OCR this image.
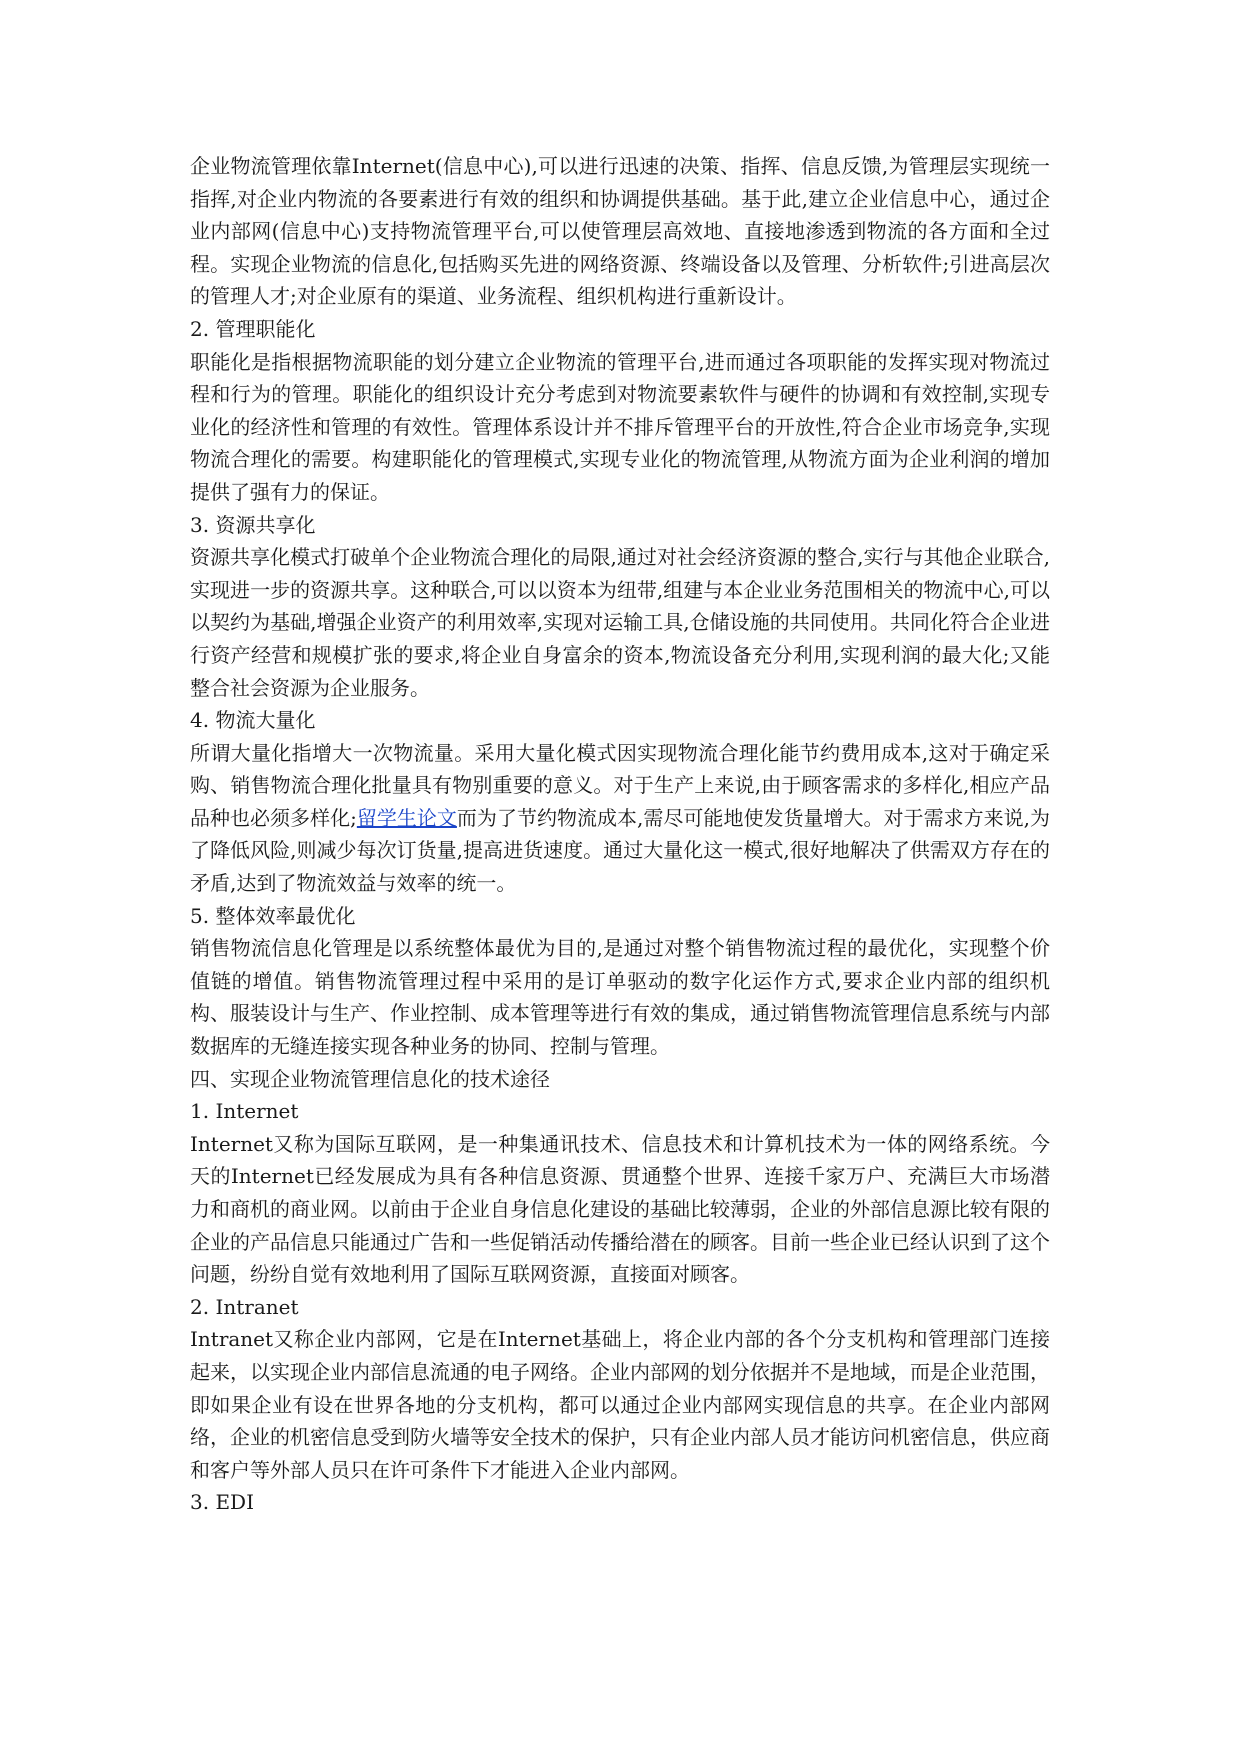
企业物流管理依靠Internet(信息中心),可以进行迅速的决策、指挥、信息反馈,为管理层实现统一指挥,对企业内物流的各要素进行有效的组织和协调提供基础。基于此,建立企业信息中心，通过企业内部网(信息中心)支持物流管理平台,可以使管理层高效地、直接地渗透到物流的各方面和全过程。实现企业物流的信息化,包括购买先进的网络资源、终端设备以及管理、分析软件;引进高层次的管理人才;对企业原有的渠道、业务流程、组织机构进行重新设计。

2. 管理职能化

职能化是指根据物流职能的划分建立企业物流的管理平台,进而通过各项职能的发挥实现对物流过程和行为的管理。职能化的组织设计充分考虑到对物流要素软件与硬件的协调和有效控制,实现专业化的经济性和管理的有效性。管理体系设计并不排斥管理平台的开放性,符合企业市场竞争,实现物流合理化的需要。构建职能化的管理模式,实现专业化的物流管理,从物流方面为企业利润的增加提供了强有力的保证。

3. 资源共享化

资源共享化模式打破单个企业物流合理化的局限,通过对社会经济资源的整合,实行与其他企业联合,实现进一步的资源共享。这种联合,可以以资本为纽带,组建与本企业业务范围相关的物流中心,可以以契约为基础,增强企业资产的利用效率,实现对运输工具,仓储设施的共同使用。共同化符合企业进行资产经营和规模扩张的要求,将企业自身富余的资本,物流设备充分利用,实现利润的最大化;又能整合社会资源为企业服务。

4. 物流大量化

所谓大量化指增大一次物流量。采用大量化模式因实现物流合理化能节约费用成本,这对于确定采购、销售物流合理化批量具有物别重要的意义。对于生产上来说,由于顾客需求的多样化,相应产品品种也必须多样化;留学生论文而为了节约物流成本,需尽可能地使发货量增大。对于需求方来说,为了降低风险,则减少每次订货量,提高进货速度。通过大量化这一模式,很好地解决了供需双方存在的矛盾,达到了物流效益与效率的统一。

5. 整体效率最优化

销售物流信息化管理是以系统整体最优为目的,是通过对整个销售物流过程的最优化，实现整个价值链的增值。销售物流管理过程中采用的是订单驱动的数字化运作方式,要求企业内部的组织机构、服装设计与生产、作业控制、成本管理等进行有效的集成，通过销售物流管理信息系统与内部数据库的无缝连接实现各种业务的协同、控制与管理。

四、实现企业物流管理信息化的技术途径

1. Internet

Internet又称为国际互联网，是一种集通讯技术、信息技术和计算机技术为一体的网络系统。今天的Internet已经发展成为具有各种信息资源、贯通整个世界、连接千家万户、充满巨大市场潜力和商机的商业网。以前由于企业自身信息化建设的基础比较薄弱，企业的外部信息源比较有限的企业的产品信息只能通过广告和一些促销活动传播给潜在的顾客。目前一些企业已经认识到了这个问题，纷纷自觉有效地利用了国际互联网资源，直接面对顾客。

2. Intranet

Intranet又称企业内部网，它是在Internet基础上，将企业内部的各个分支机构和管理部门连接起来，以实现企业内部信息流通的电子网络。企业内部网的划分依据并不是地域，而是企业范围，即如果企业有设在世界各地的分支机构，都可以通过企业内部网实现信息的共享。在企业内部网络，企业的机密信息受到防火墙等安全技术的保护，只有企业内部人员才能访问机密信息，供应商和客户等外部人员只在许可条件下才能进入企业内部网。

3. EDI
